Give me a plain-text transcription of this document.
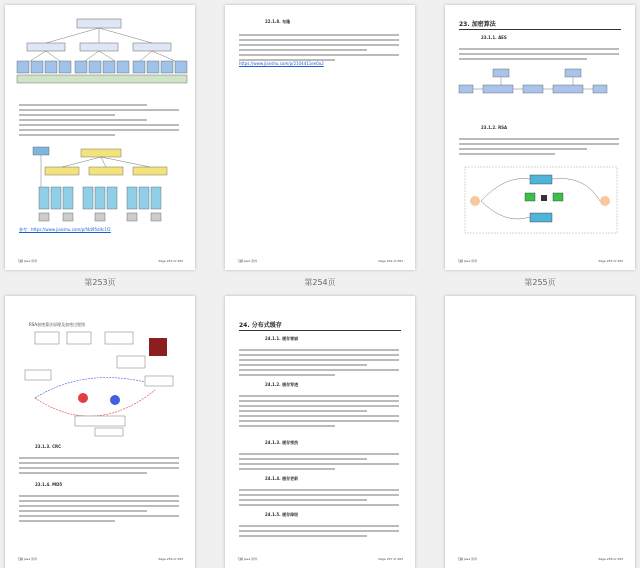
参考：https://www.jianshu.com/p/f4d95d4c1f2
飞翻 Java 资料	Page 253 of 283
第253页
22.1.8. 布隆
https://www.jianshu.com/p/2104d11ee0a2
飞翻 Java 资料	Page 254 of 283
第254页
23. 加密算法
23.1.1. AES
23.1.2. RSA
飞翻 Java 资料	Page 255 of 283
第255页
RSA加密算法原理及加密过程图
23.1.3. CRC
23.1.4. MD5
飞翻 Java 资料	Page 256 of 283
24. 分布式缓存
24.1.1. 缓存雪崩
24.1.2. 缓存穿透
24.1.3. 缓存预热
24.1.4. 缓存更新
24.1.5. 缓存降级
飞翻 Java 资料	Page 257 of 283	飞翻 Java 资料	Page 258 of 283
